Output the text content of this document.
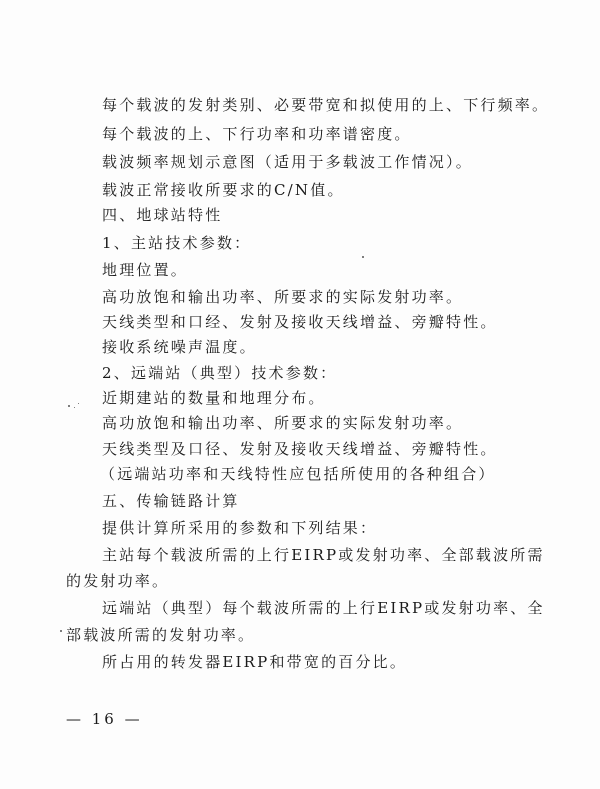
每个载波的发射类别、必要带宽和拟使用的上、下行频率。
每个载波的上、下行功率和功率谱密度。
载波频率规划示意图（适用于多载波工作情况）。
载波正常接收所要求的C/N值。
四、地球站特性
1、主站技术参数：
地理位置。
高功放饱和输出功率、所要求的实际发射功率。
天线类型和口经、发射及接收天线增益、旁瓣特性。
接收系统噪声温度。
2、远端站（典型）技术参数：
近期建站的数量和地理分布。
高功放饱和输出功率、所要求的实际发射功率。
天线类型及口径、发射及接收天线增益、旁瓣特性。
（远端站功率和天线特性应包括所使用的各种组合）
五、传输链路计算
提供计算所采用的参数和下列结果：
主站每个载波所需的上行EIRP或发射功率、全部载波所需
的发射功率。
远端站（典型）每个载波所需的上行EIRP或发射功率、全
部载波所需的发射功率。
所占用的转发器EIRP和带宽的百分比。
— 16 —
